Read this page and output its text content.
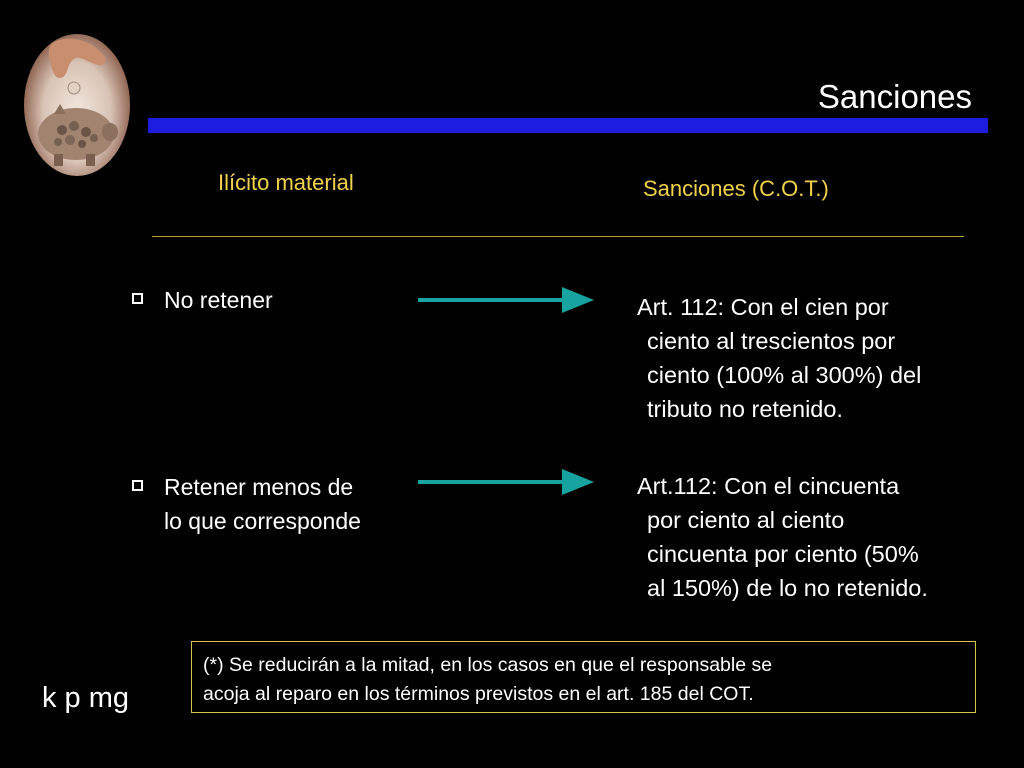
Sanciones
Ilícito material	Sanciones (C.O.T.)
No retener	Art. 112: Con el cien por
ciento al trescientos por
ciento (100% al 300%) del
tributo no retenido.
Retener menos de
lo que corresponde
Art.112: Con el cincuenta
por ciento al ciento
cincuenta por ciento (50%
al 150%) de lo no retenido.
(*) Se reducirán a la mitad, en los casos en que el responsable se
acoja al reparo en los términos previstos en el art. 185 del COT.
k p mg
